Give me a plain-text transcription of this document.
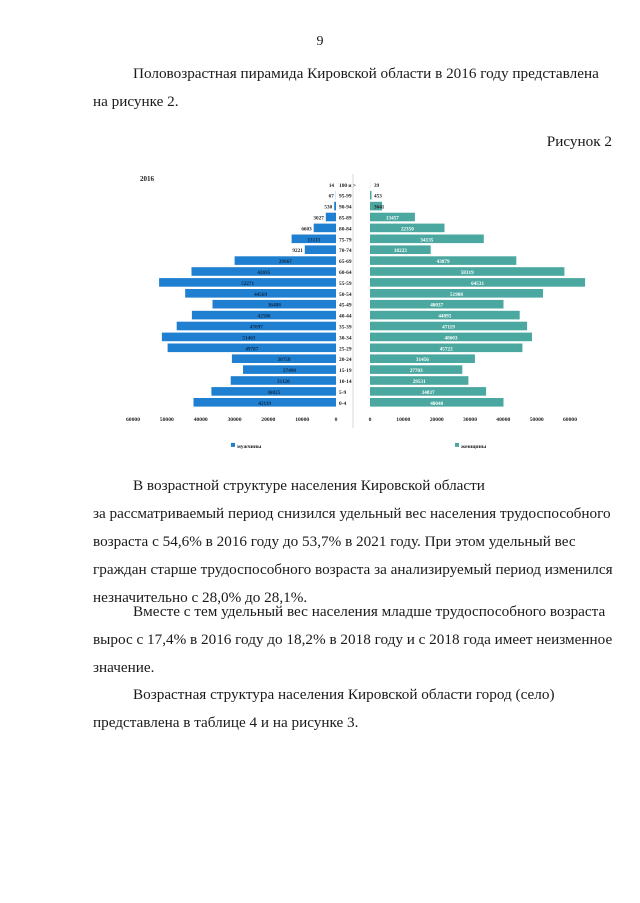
9
Половозрастная пирамида Кировской области в 2016 году представлена
на рисунке 2.
Рисунок 2
2016
100 и >
14	39
95-99
67	453
90-94
530	3641
85-89
3027	13457
80-84
6603	22350
75-79
13113	34135
70-74
9221	18223
65-69
29967	43879
60-64
42695	58319
55-59
52271	64531
50-54
44569	51908
45-49
36488	40037
40-44
42586	44895
35-39
47097	47119
30-34
51463	48603
25-29
49787	45722
20-24
30758	31456
15-19
27490	27703
10-14
31120	29531
5-9
36825	34837
0-4
42119	40040
60000	50000	40000	30000	20000	10000	0	0	10000	20000	30000	40000	50000	60000
мужчины	женщины
В возрастной структуре населения Кировской области
за рассматриваемый период снизился удельный вес населения трудоспособного
возраста с 54,6% в 2016 году до 53,7% в 2021 году. При этом удельный вес
граждан старше трудоспособного возраста за анализируемый период изменился
незначительно с 28,0% до 28,1%.
Вместе с тем удельный вес населения младше трудоспособного возраста
вырос с 17,4% в 2016 году до 18,2% в 2018 году и с 2018 года имеет неизменное
значение.
Возрастная структура населения Кировской области город (село)
представлена в таблице 4 и на рисунке 3.
